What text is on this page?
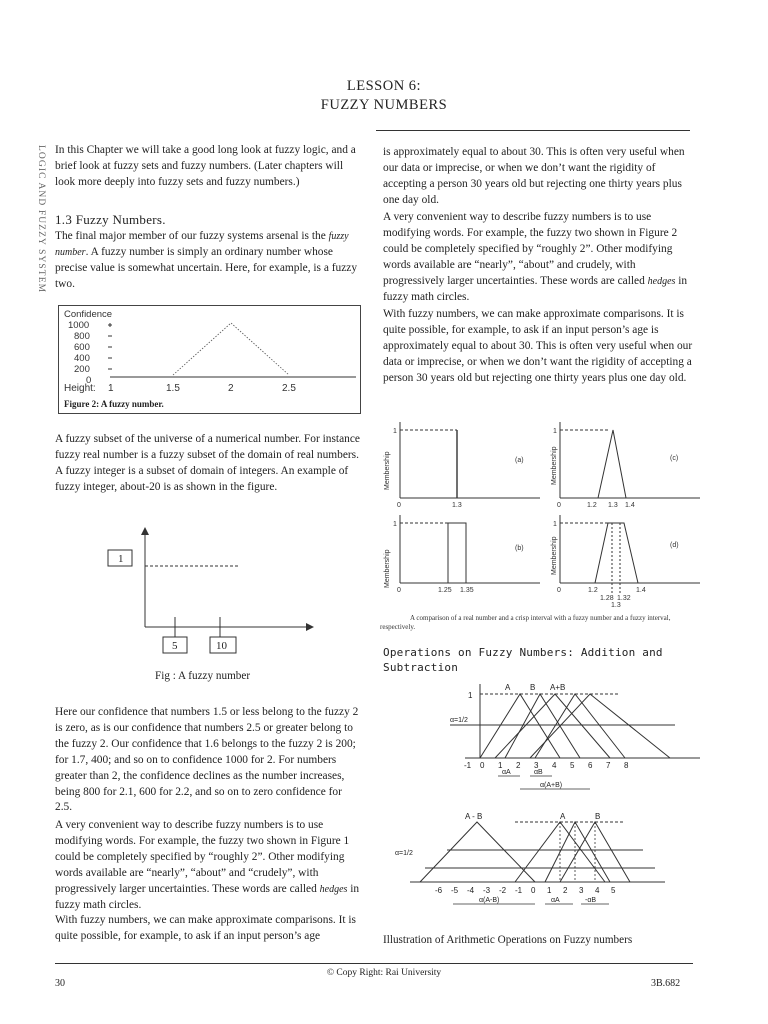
LESSON 6:
FUZZY NUMBERS
LOGIC AND FUZZY SYSTEM In this Chapter we will take a good long look at fuzzy logic, and a brief look at fuzzy sets and fuzzy numbers. (Later chapters will look more deeply into fuzzy sets and fuzzy numbers.)

1.3 Fuzzy Numbers.

The final major member of our fuzzy systems arsenal is the fuzzy number. A fuzzy number is simply an ordinary number whose precise value is somewhat uncertain. Here, for example, is a fuzzy two.

Confidence
1000
800
600
400
200
0
Height: 1	1.5	2	2.5
Figure 2: A fuzzy number.

A fuzzy subset of the universe of a numerical number. For instance fuzzy real number is a fuzzy subset of the domain of real numbers. A fuzzy integer is a subset of domain of integers. An example of fuzzy integer, about-20 is as shown in the figure.

1
5	10
Fig : A fuzzy number

Here our confidence that numbers 1.5 or less belong to the fuzzy 2 is zero, as is our confidence that numbers 2.5 or greater belong to the fuzzy 2. Our confidence that 1.6 belongs to the fuzzy 2 is 200; for 1.7, 400; and so on to confidence 1000 for 2. For numbers greater than 2, the confidence declines as the number increases, being 800 for 2.1, 600 for 2.2, and so on to zero confidence for 2.5.

A very convenient way to describe fuzzy numbers is to use modifying words. For example, the fuzzy two shown in Figure 1 could be completely specified by “roughly 2”. Other modifying words available are “nearly”, “about” and “crudely”, with progressively larger uncertainties. These words are called hedges in fuzzy math circles.

With fuzzy numbers, we can make approximate comparisons. It is quite possible, for example, to ask if an input person’s age

is approximately equal to about 30. This is often very useful when our data or imprecise, or when we don’t want the rigidity of accepting a person 30 years old but rejecting one thirty years plus one day old.

A very convenient way to describe fuzzy numbers is to use modifying words. For example, the fuzzy two shown in Figure 2 could be completely specified by “roughly 2”. Other modifying words available are “nearly”, “about” and crudely, with progressively larger uncertainties. These words are called hedges in fuzzy math circles.

With fuzzy numbers, we can make approximate comparisons. It is quite possible, for example, to ask if an input person’s age is approximately equal to about 30. This is often very useful when our data or imprecise, or when we don’t want the rigidity of accepting a person 30 years old but rejecting one thirty years plus one day old.

Membership
1
0	1.3
(a)	Membership
1
0	1.2 1.3 1.4
(c)
Membership
1
0	1.25 1.35
(b)	Membership
1
0	1.2	1.4
1.28 1.32
1.3
(d)
A comparison of a real number and a crisp interval with a fuzzy number and a fuzzy interval, respectively.
Operations on Fuzzy Numbers: Addition and Subtraction
A B A+B
1
α=1/2
-1 0 1 2 3 4 5 6 7 8
αA	αB
α(A+B)
A - B	A	B
α=1/2
-6 -5 -4 -3 -2 -1 0 1 2 3 4 5
α(A-B)	αA	-αB
Illustration of Arithmetic Operations on Fuzzy numbers
© Copy Right: Rai University
30	3B.682
